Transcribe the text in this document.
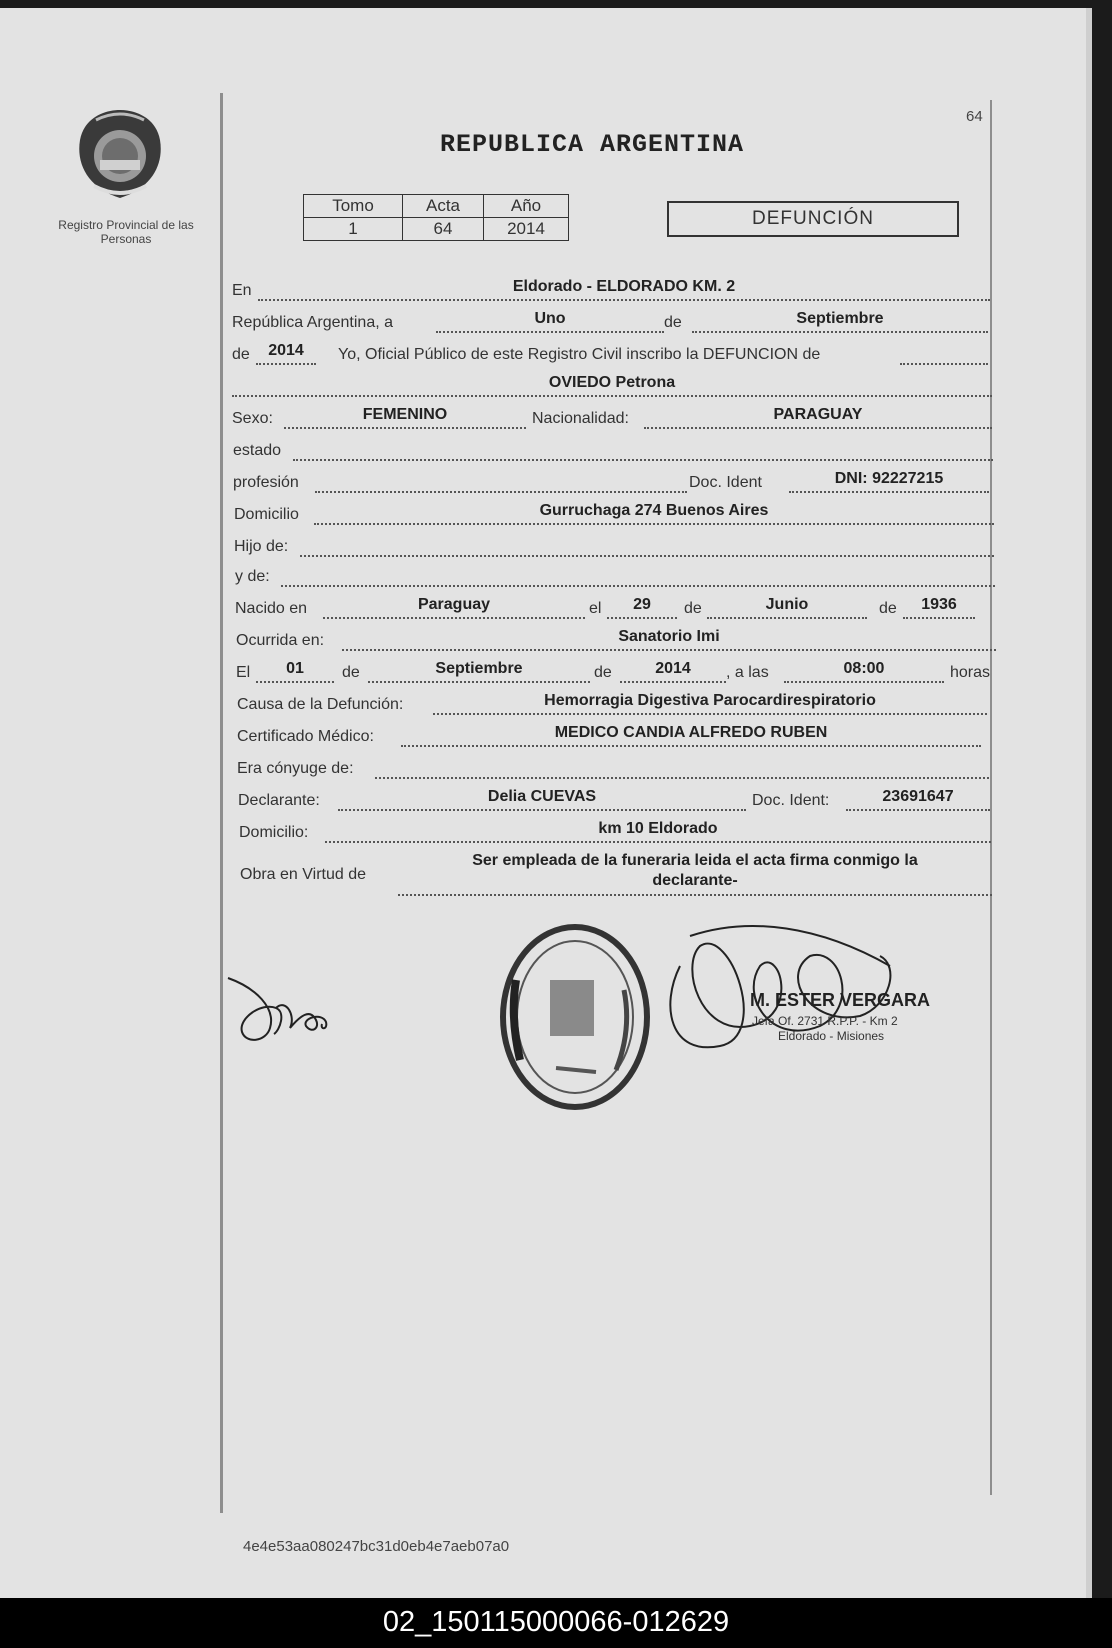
Registro Provincial de las Personas
64
REPUBLICA ARGENTINA
Tomo	Acta	Año
1	64	2014	DEFUNCIÓN
En	Eldorado - ELDORADO KM. 2
República Argentina, a	Uno	de	Septiembre
de	2014	Yo, Oficial Público de este Registro Civil inscribo la DEFUNCION de
OVIEDO Petrona
Sexo:	FEMENINO	Nacionalidad:	PARAGUAY
estado
profesión	Doc. Ident	DNI: 92227215
Domicilio	Gurruchaga 274 Buenos Aires
Hijo de:
y de:
Nacido en	Paraguay	el	29	de	Junio	de	1936
Ocurrida en:	Sanatorio Imi
El	01	de	Septiembre	de	2014	, a las	08:00	horas
Causa de la Defunción:	Hemorragia Digestiva Parocardirespiratorio
Certificado Médico:	MEDICO CANDIA ALFREDO RUBEN
Era cónyuge de:
Declarante:	Delia CUEVAS	Doc. Ident:	23691647
Domicilio:	km 10 Eldorado
Obra en Virtud de
Ser empleada de la funeraria leida el acta firma conmigo la
declarante-
M. ESTER VERGARA
Jefa Of. 2731 R.P.P. - Km 2
Eldorado - Misiones
4e4e53aa080247bc31d0eb4e7aeb07a0
02_150115000066-012629
